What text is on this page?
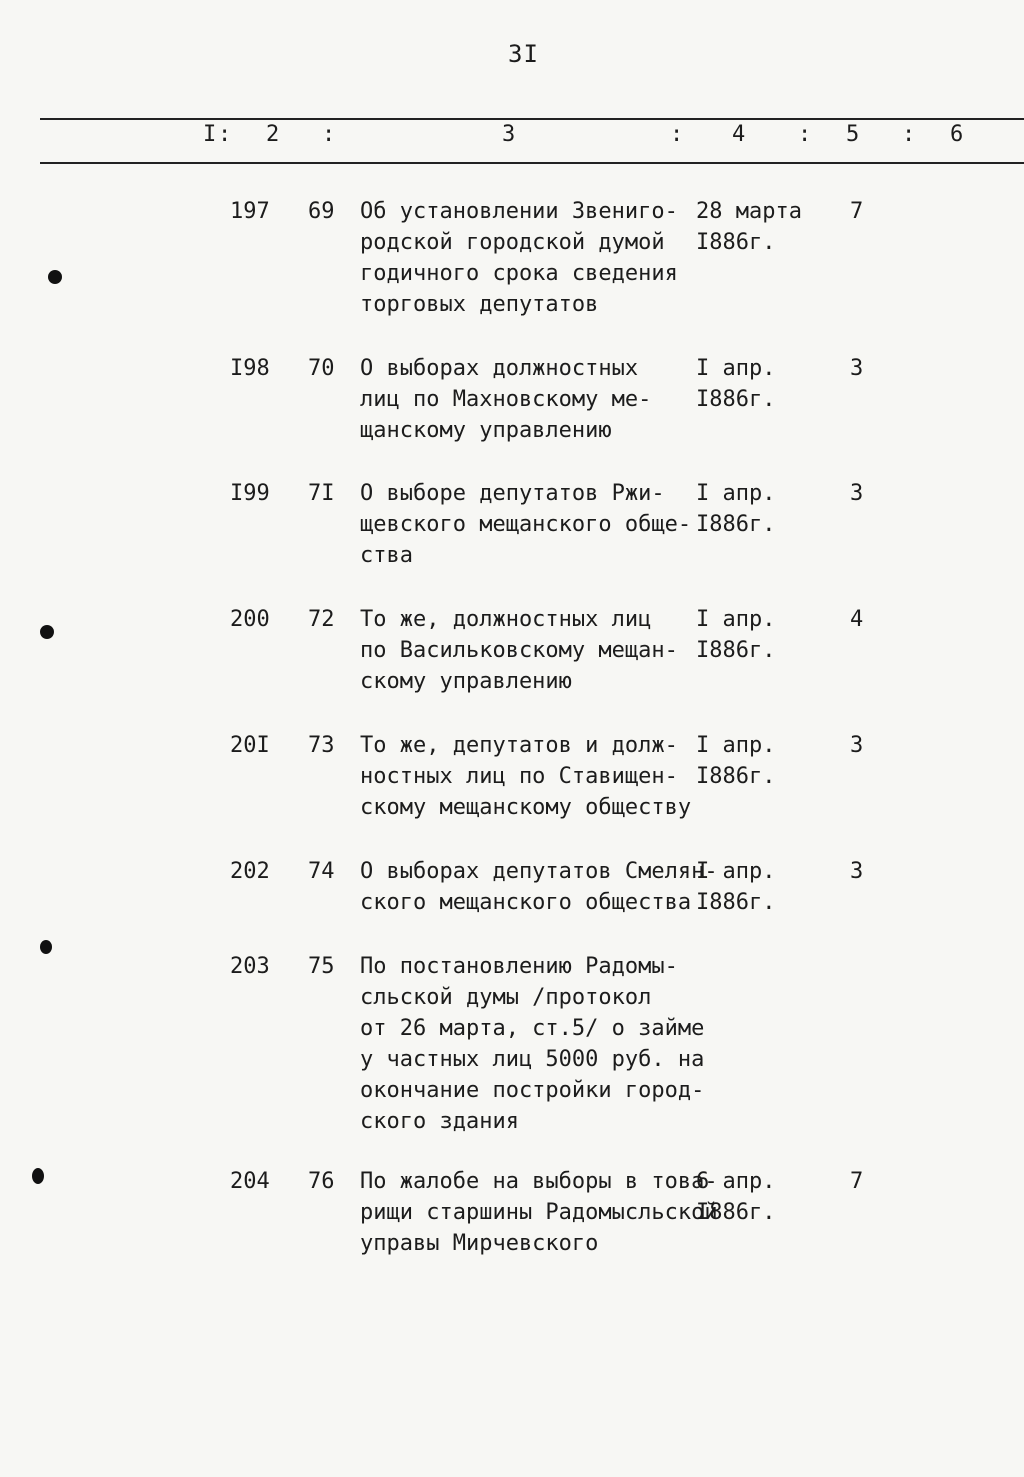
3I
I : 2 :	3	: 4 : 5 : 6
197 69 Об установлении Звениго-
родской городской думой
годичного срока сведения
торговых депутатов
28 марта
I886г.
7
I98 70 О выборах должностных
лиц по Махновскому ме-
щанскому управлению
I апр.
I886г.
3
I99 7I О выборе депутатов Ржи-
щевского мещанского обще-
ства
I апр.
I886г.
3
200 72 То же, должностных лиц
по Васильковскому мещан-
скому управлению
I апр.
I886г.
4
20I 73 То же, депутатов и долж-
ностных лиц по Ставищен-
скому мещанскому обществу
I апр.
I886г.
3
202 74 О выборах депутатов Смелян-
ского мещанского общества
I апр.
I886г.
3
203 75 По постановлению Радомы-
сльской думы /протокол
от 26 марта, ст.5/ о займе
у частных лиц 5000 руб. на
окончание постройки город-
ского здания
204 76 По жалобе на выборы в това-
рищи старшины Радомысльской
управы Мирчевского
6 апр.
I886г.
7
